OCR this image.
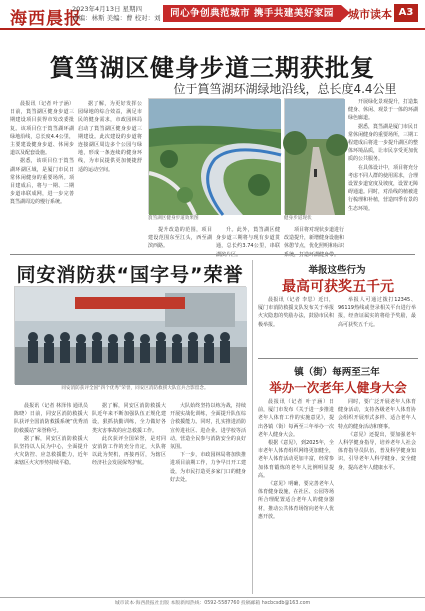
海西晨报
2023年4月13日 星期四
责编：林斯 美编：曹 校对：刘 同心争创典范城市 携手共建美好家园	城市读本 A3
篔筜湖区健身步道三期获批复
位于篔筜湖环湖绿地沿线，总长度4.4公里

晨报讯（记者 叶子涵）日前，篔筜湖区健身步道三期建设项目获得市发改委批复。该项目位于篔筜湖环湖绿地沿线，总长度4.4公里，主要建设健身步道、休闲步道以及配套设施。

据悉，该项目位于篔筜湖环湖区域，是厦门市民日常休闲健身的重要场所。项目建成后，将与一期、二期步道串联成网，进一步完善篔筜湖周边的慢行系统。

据了解，为更好发挥公园绿地的综合效益，满足市民的健身需求，市政园林局启动了篔筜湖区健身步道三期建设。此次建设的步道将连接湖区周边多个公园与绿地，形成一条连续的健身环线，为市民提供更加便捷舒适的运动空间。

篔筜湖区健身步道效果图	健身步道现状

提升改造的范围，项目建设范围东至江头，西至湖滨西路。

升。此外，篔筜湖区健身步道三期将与现有步道贯通，总长约3.74公里，串联

项目将对现状步道进行改造提升，新增健身设施和休憩节点，优化照明和标识

开展绿化景观提升，打造集健身、休闲、观景于一体的环湖绿色廊道。

据悉，篔筜湖是厦门市民日常休闲健身的重要场所，三期工程建成后将进一步提升湖区的整体环境品质，让市民享受更加优质的公共服务。

在具体设计中，项目将充分考虑不同人群的使用需求，合理设置步道宽度及坡度，设置无障碍通道。同时，对沿线的植被进行梳理和补植，营造四季有景的生态环境。

同安消防获“国字号”荣誉
同安消防获评全国“四个优秀”荣誉，同安区消防救援大队官兵合影留念。

晨报讯（记者 林泽伟 通讯员 陈晓）日前，同安区消防救援大队获评全国消防救援系统“优秀消防救援站”荣誉称号。

据了解，同安区消防救援大队坚持以人民为中心，全面提升火灾防控、应急救援能力，近年来辖区火灾形势持续平稳。

据了解，同安区消防救援大队近年来不断加强队伍正规化建设，狠抓执勤训练，全力做好各类灾害事故的应急救援工作。

此次获评全国荣誉，是对同安消防工作的充分肯定，大队将以此为契机，再接再厉，为辖区经济社会发展保驾护航。

大队始终坚持以练为战，持续开展实战化训练，全面提升队伍综合救援能力。同时，扎实推进消防宣传进社区、进企业、进学校等活动，营造全民参与消防安全的良好氛围。

下一步，市政园林局将加快推进项目前期工作，力争早日开工建设，为市民打造更多家门口的健身好去处。

举报这些行为
最高可获奖五千元

晨报讯（记者 李思）近日，厦门市消防救援支队发布关于举报火灾隐患的奖励办法，鼓励市民积极举报。

举报人可通过拨打12345、96119热线或登录相关平台进行举报，经查证属实的将给予奖励，最高可获奖五千元。

镇（街）每两至三年
举办一次老年人健身大会

晨报讯（记者 叶子涵）日前，厦门市发布《关于进一步推进老年人体育工作的实施意见》，提出各镇（街）每两至三年举办一次老年人健身大会。

根据《意见》，到2025年，全市老年人体育组织网络更加健全，老年人体育活动更加丰富，经常参加体育锻炼的老年人比例明显提高。

《意见》明确，要完善老年人体育健身设施，在社区、公园等场所合理配置适合老年人的健身器材，推动公共体育场馆向老年人优惠开放。

同时，要广泛开展老年人体育健身活动，支持各级老年人体育协会组织开展形式多样、适合老年人特点的健身活动和赛事。

《意见》还提出，要加强老年人科学健身指导，培养老年人社会体育指导员队伍，普及科学健身知识，引导老年人科学健身、安全健身，提高老年人健康水平。

城市读本·海西晨报社出版 本版新闻热线：0592-5587760 投稿邮箱 hxcbcsdb@163.com
